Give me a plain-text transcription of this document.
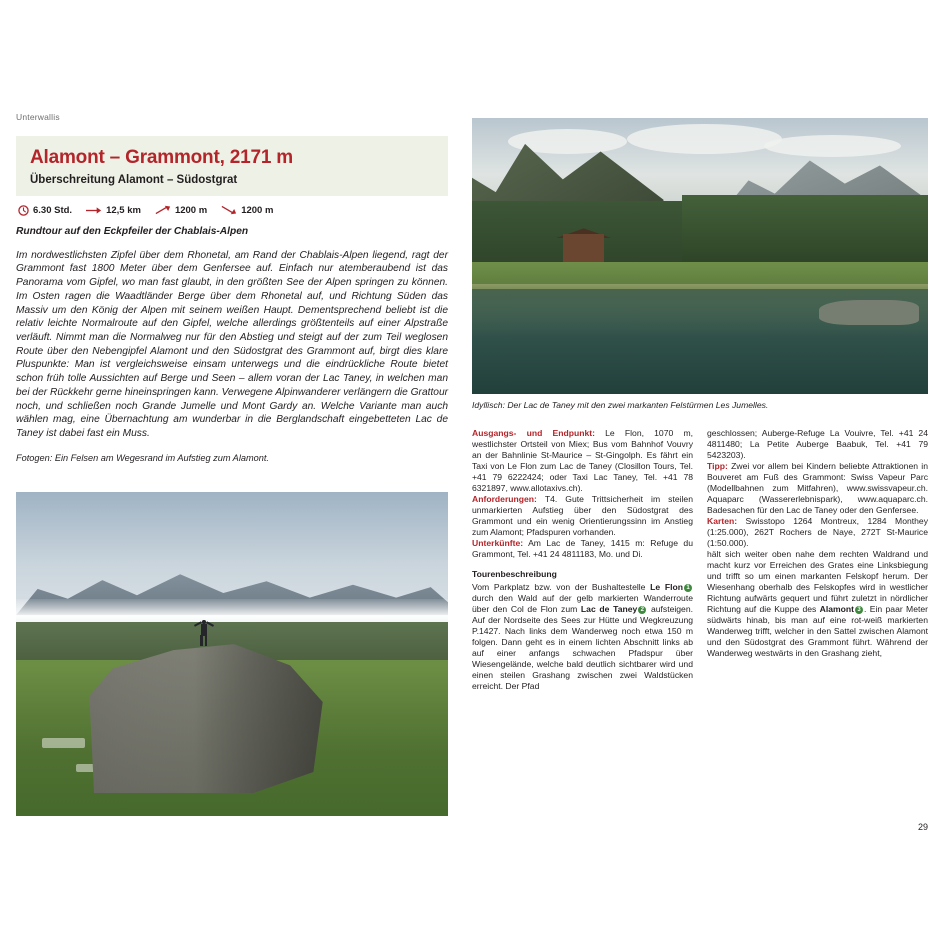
Unterwallis
Alamont – Grammont, 2171 m

Überschreitung Alamont – Südostgrat

6.30 Std.	12,5 km	1200 m	1200 m

Rundtour auf den Eckpfeiler der Chablais-Alpen

Im nordwestlichsten Zipfel über dem Rhonetal, am Rand der Chablais-Alpen liegend, ragt der Grammont fast 1800 Meter über dem Genfersee auf. Einfach nur atemberaubend ist das Panorama vom Gipfel, wo man fast glaubt, in den größten See der Alpen springen zu können. Im Osten ragen die Waadtländer Berge über dem Rhonetal auf, und Richtung Süden das Massiv um den König der Alpen mit seinem weißen Haupt. Dementsprechend beliebt ist die relativ leichte Normalroute auf den Gipfel, welche allerdings größtenteils auf einer Alpstraße verläuft. Nimmt man die Normalweg nur für den Abstieg und steigt auf der zum Teil weglosen Route über den Nebengipfel Alamont und den Südostgrat des Grammont auf, birgt dies klare Pluspunkte: Man ist vergleichsweise einsam unterwegs und die eindrückliche Route bietet schon früh tolle Aussichten auf Berge und Seen – allem voran der Lac Taney, in welchen man bei der Rückkehr gerne hineinspringen kann. Verwegene Alpinwanderer verlängern die Grattour noch, und schließen noch Grande Jumelle und Mont Gardy an. Welche Variante man auch wählen mag, eine Übernachtung am wunderbar in die Berglandschaft eingebetteten Lac de Taney ist dabei fast ein Muss.

Fotogen: Ein Felsen am Wegesrand im Aufstieg zum Alamont.

Idyllisch: Der Lac de Taney mit den zwei markanten Felstürmen Les Jumelles.

Ausgangs- und Endpunkt: Le Flon, 1070 m, westlichster Ortsteil von Miex; Bus vom Bahnhof Vouvry an der Bahnlinie St-Maurice – St-Gingolph. Es fährt ein Taxi von Le Flon zum Lac de Taney (Closillon Tours, Tel. +41 79 6222424; oder Taxi Lac Taney, Tel. +41 78 6321897, www.allotaxivs.ch).

Anforderungen: T4. Gute Trittsicherheit im steilen unmarkierten Aufstieg über den Südostgrat des Grammont und ein wenig Orientierungssinn im Anstieg zum Alamont; Pfadspuren vorhanden.

Unterkünfte: Am Lac de Taney, 1415 m: Refuge du Grammont, Tel. +41 24 4811183, Mo. und Di.

Tourenbeschreibung

Vom Parkplatz bzw. von der Bushaltestelle Le Flon 1 durch den Wald auf der gelb markierten Wanderroute über den Col de Flon zum Lac de Taney 2 aufsteigen. Auf der Nordseite des Sees zur Hütte und Wegkreuzung P.1427. Nach links dem Wanderweg noch etwa 150 m folgen. Dann geht es in einem lichten Abschnitt links ab auf einer anfangs schwachen Pfadspur über Wiesengelände, welche bald deutlich sichtbarer wird und einen steilen Grashang zwischen zwei Waldstücken erreicht. Der Pfad

geschlossen; Auberge-Refuge La Vouivre, Tel. +41 24 4811480; La Petite Auberge Baabuk, Tel. +41 79 5423203).

Tipp: Zwei vor allem bei Kindern beliebte Attraktionen in Bouveret am Fuß des Grammont: Swiss Vapeur Parc (Modellbahnen zum Mitfahren), www.swissvapeur.ch. Aquaparc (Wassererlebnispark), www.aquaparc.ch. Badesachen für den Lac de Taney oder den Genfersee.

Karten: Swisstopo 1264 Montreux, 1284 Monthey (1:25.000), 262T Rochers de Naye, 272T St-Maurice (1:50.000).

hält sich weiter oben nahe dem rechten Waldrand und macht kurz vor Erreichen des Grates eine Linksbiegung und trifft so um einen markanten Felskopf herum. Der Wiesenhang oberhalb des Felskopfes wird in westlicher Richtung aufwärts gequert und führt zuletzt in nördlicher Richtung auf die Kuppe des Alamont 3 . Ein paar Meter südwärts hinab, bis man auf eine rot-weiß markierten Wanderweg trifft, welcher in den Sattel zwischen Alamont und den Südostgrat des Grammont führt. Während der Wanderweg westwärts in den Grashang zieht,

29
